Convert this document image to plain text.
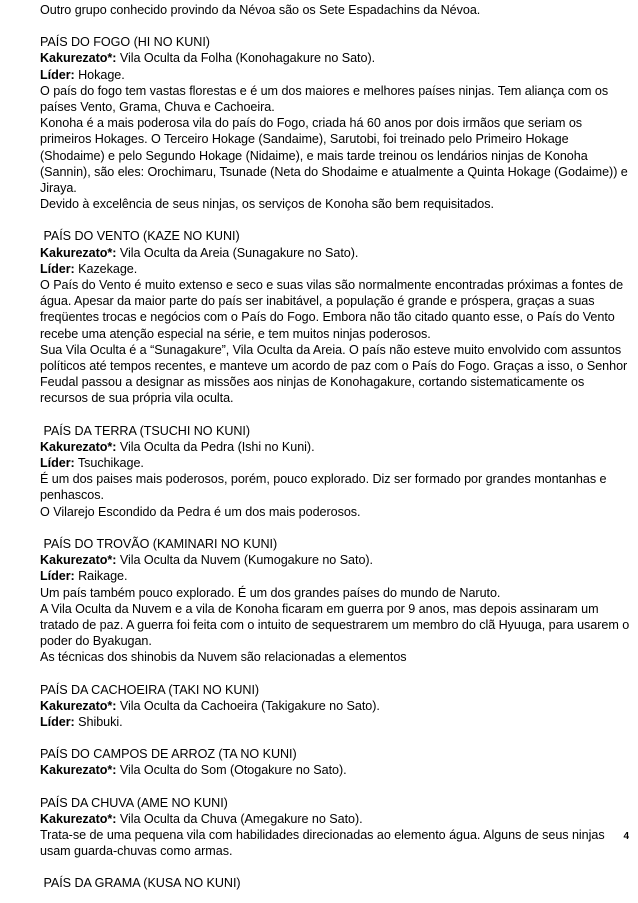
Outro grupo conhecido provindo da Névoa são os Sete Espadachins da Névoa.

PAÍS DO FOGO (HI NO KUNI)

Kakurezato*: Vila Oculta da Folha (Konohagakure no Sato).

Líder: Hokage.

O país do fogo tem vastas florestas e é um dos maiores e melhores países ninjas. Tem aliança com os países Vento, Grama, Chuva e Cachoeira.

Konoha é a mais poderosa vila do país do Fogo, criada há 60 anos por dois irmãos que seriam os primeiros Hokages. O Terceiro Hokage (Sandaime), Sarutobi, foi treinado pelo Primeiro Hokage (Shodaime) e pelo Segundo Hokage (Nidaime), e mais tarde treinou os lendários ninjas de Konoha (Sannin), são eles: Orochimaru, Tsunade (Neta do Shodaime e atualmente a Quinta Hokage (Godaime)) e Jiraya.

Devido à excelência de seus ninjas, os serviços de Konoha são bem requisitados.

PAÍS DO VENTO (KAZE NO KUNI)

Kakurezato*: Vila Oculta da Areia (Sunagakure no Sato).

Líder: Kazekage.

O País do Vento é muito extenso e seco e suas vilas são normalmente encontradas próximas a fontes de água. Apesar da maior parte do país ser inabitável, a população é grande e próspera, graças a suas freqüentes trocas e negócios com o País do Fogo. Embora não tão citado quanto esse, o País do Vento recebe uma atenção especial na série, e tem muitos ninjas poderosos.

Sua Vila Oculta é a “Sunagakure”, Vila Oculta da Areia. O país não esteve muito envolvido com assuntos políticos até tempos recentes, e manteve um acordo de paz com o País do Fogo. Graças a isso, o Senhor Feudal passou a designar as missões aos ninjas de Konohagakure, cortando sistematicamente os recursos de sua própria vila oculta.

PAÍS DA TERRA (TSUCHI NO KUNI)

Kakurezato*: Vila Oculta da Pedra (Ishi no Kuni).

Líder: Tsuchikage.

É um dos paises mais poderosos, porém, pouco explorado. Diz ser formado por grandes montanhas e penhascos.

O Vilarejo Escondido da Pedra é um dos mais poderosos.

PAÍS DO TROVÃO (KAMINARI NO KUNI)

Kakurezato*: Vila Oculta da Nuvem (Kumogakure no Sato).

Líder: Raikage.

Um país também pouco explorado. É um dos grandes países do mundo de Naruto.

A Vila Oculta da Nuvem e a vila de Konoha ficaram em guerra por 9 anos, mas depois assinaram um tratado de paz. A guerra foi feita com o intuito de sequestrarem um membro do clã Hyuuga, para usarem o poder do Byakugan.

As técnicas dos shinobis da Nuvem são relacionadas a elementos

PAÍS DA CACHOEIRA (TAKI NO KUNI)

Kakurezato*: Vila Oculta da Cachoeira (Takigakure no Sato).

Líder: Shibuki.

PAÍS DO CAMPOS DE ARROZ (TA NO KUNI)

Kakurezato*: Vila Oculta do Som (Otogakure no Sato).

PAÍS DA CHUVA (AME NO KUNI)

Kakurezato*: Vila Oculta da Chuva (Amegakure no Sato).

Trata-se de uma pequena vila com habilidades direcionadas ao elemento água. Alguns de seus ninjas usam guarda-chuvas como armas.

PAÍS DA GRAMA (KUSA NO KUNI)

4
